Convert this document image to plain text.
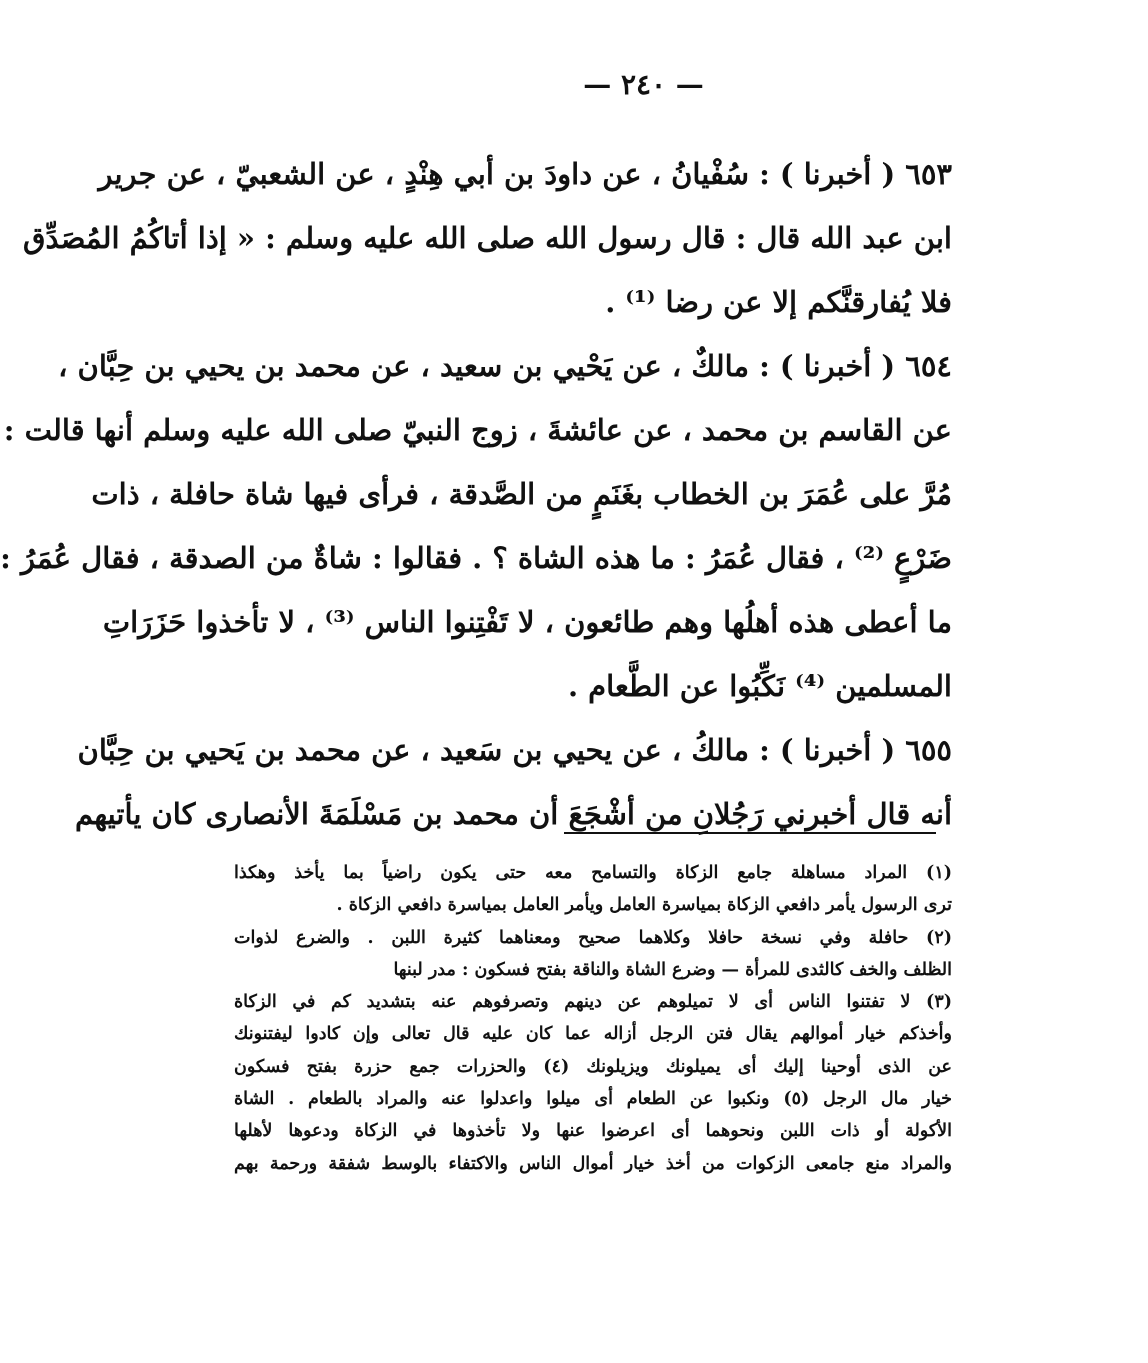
— ٢٤٠ —
٦٥٣ ( أخبرنا ) : سُفْيانُ ، عن داودَ بن أبي هِنْدٍ ، عن الشعبيّ ، عن جرير
ابن عبد الله قال : قال رسول الله صلى الله عليه وسلم : « إذا أتاكُمُ المُصَدِّق
فلا يُفارقنَّكم إلا عن رضا ⁽¹⁾ .
٦٥٤ ( أخبرنا ) : مالكٌ ، عن يَحْيي بن سعيد ، عن محمد بن يحيي بن حِبَّان ،
عن القاسم بن محمد ، عن عائشةَ ، زوج النبيّ صلى الله عليه وسلم أنها قالت :
مُرَّ على عُمَرَ بن الخطاب بغَنَمٍ من الصَّدقة ، فرأى فيها شاة حافلة ، ذات
ضَرْعٍ ⁽²⁾ ، فقال عُمَرُ : ما هذه الشاة ؟ . فقالوا : شاةٌ من الصدقة ، فقال عُمَرُ :
ما أعطى هذه أهلُها وهم طائعون ، لا تَفْتِنوا الناس ⁽³⁾ ، لا تأخذوا حَزَرَاتِ
المسلمين ⁽⁴⁾ نَكِّبُوا عن الطَّعام .
٦٥٥ ( أخبرنا ) : مالكُ ، عن يحيي بن سَعيد ، عن محمد بن يَحيي بن حِبَّان
أنه قال أخبرني رَجُلانِ من أشْجَعَ أن محمد بن مَسْلَمَةَ الأنصارى كان يأتيهم
(١) المراد مساهلة جامع الزكاة والتسامح معه حتى يكون راضياً بما يأخذ وهكذا
ترى الرسول يأمر دافعي الزكاة بمياسرة العامل ويأمر العامل بمياسرة دافعي الزكاة .
(٢) حافلة وفي نسخة حافلا وكلاهما صحيح ومعناهما كثيرة اللبن . والضرع لذوات
الظلف والخف كالثدى للمرأة — وضرع الشاة والناقة بفتح فسكون : مدر لبنها
(٣) لا تفتنوا الناس أى لا تميلوهم عن دينهم وتصرفوهم عنه بتشديد كم في الزكاة
وأخذكم خيار أموالهم يقال فتن الرجل أزاله عما كان عليه قال تعالى وإن كادوا ليفتنونك
عن الذى أوحينا إليك أى يميلونك ويزيلونك (٤) والحزرات جمع حزرة بفتح فسكون
خيار مال الرجل (٥) ونكبوا عن الطعام أى ميلوا واعدلوا عنه والمراد بالطعام . الشاة
الأكولة أو ذات اللبن ونحوهما أى اعرضوا عنها ولا تأخذوها في الزكاة ودعوها لأهلها
والمراد منع جامعى الزكوات من أخذ خيار أموال الناس والاكتفاء بالوسط شفقة ورحمة بهم
